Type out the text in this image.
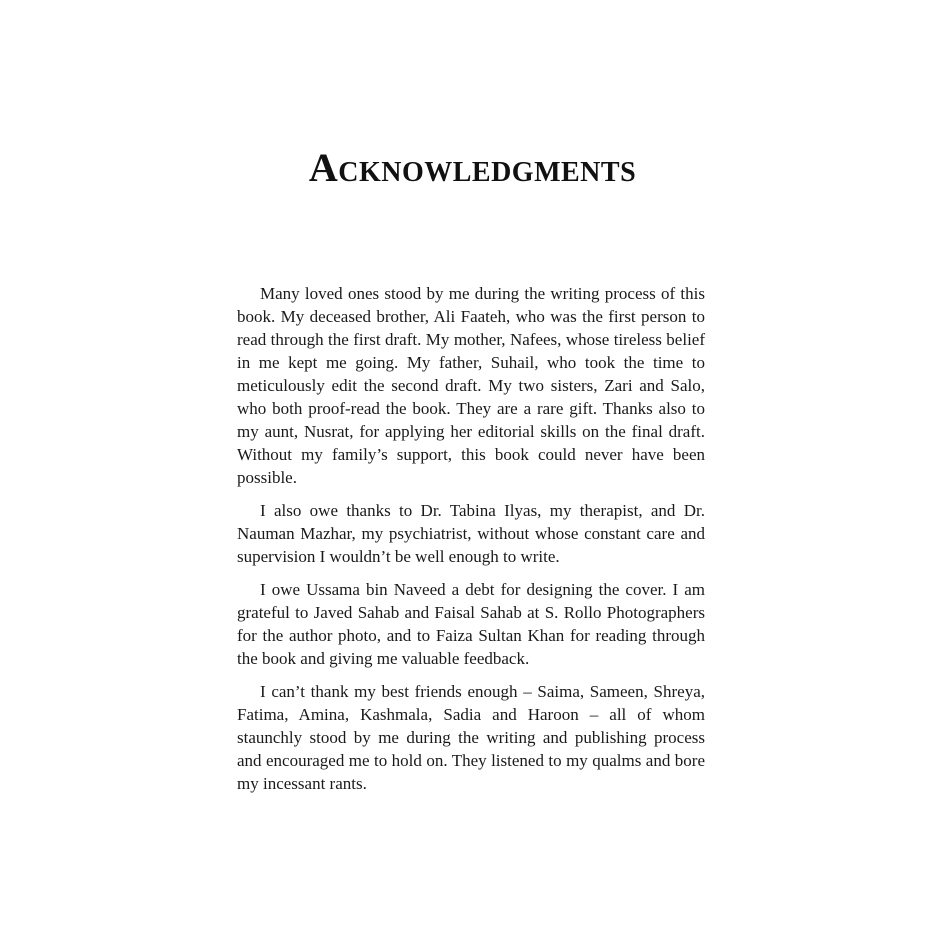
Acknowledgments

Many loved ones stood by me during the writing process of this book. My deceased brother, Ali Faateh, who was the first person to read through the first draft. My mother, Nafees, whose tireless belief in me kept me going. My father, Suhail, who took the time to meticulously edit the second draft. My two sisters, Zari and Salo, who both proof-read the book. They are a rare gift. Thanks also to my aunt, Nusrat, for applying her editorial skills on the final draft. Without my family’s support, this book could never have been possible.

I also owe thanks to Dr. Tabina Ilyas, my therapist, and Dr. Nauman Mazhar, my psychiatrist, without whose constant care and supervision I wouldn’t be well enough to write.

I owe Ussama bin Naveed a debt for designing the cover. I am grateful to Javed Sahab and Faisal Sahab at S. Rollo Photographers for the author photo, and to Faiza Sultan Khan for reading through the book and giving me valuable feedback.

I can’t thank my best friends enough – Saima, Sameen, Shreya, Fatima, Amina, Kashmala, Sadia and Haroon – all of whom staunchly stood by me during the writing and publishing process and encouraged me to hold on. They listened to my qualms and bore my incessant rants.
